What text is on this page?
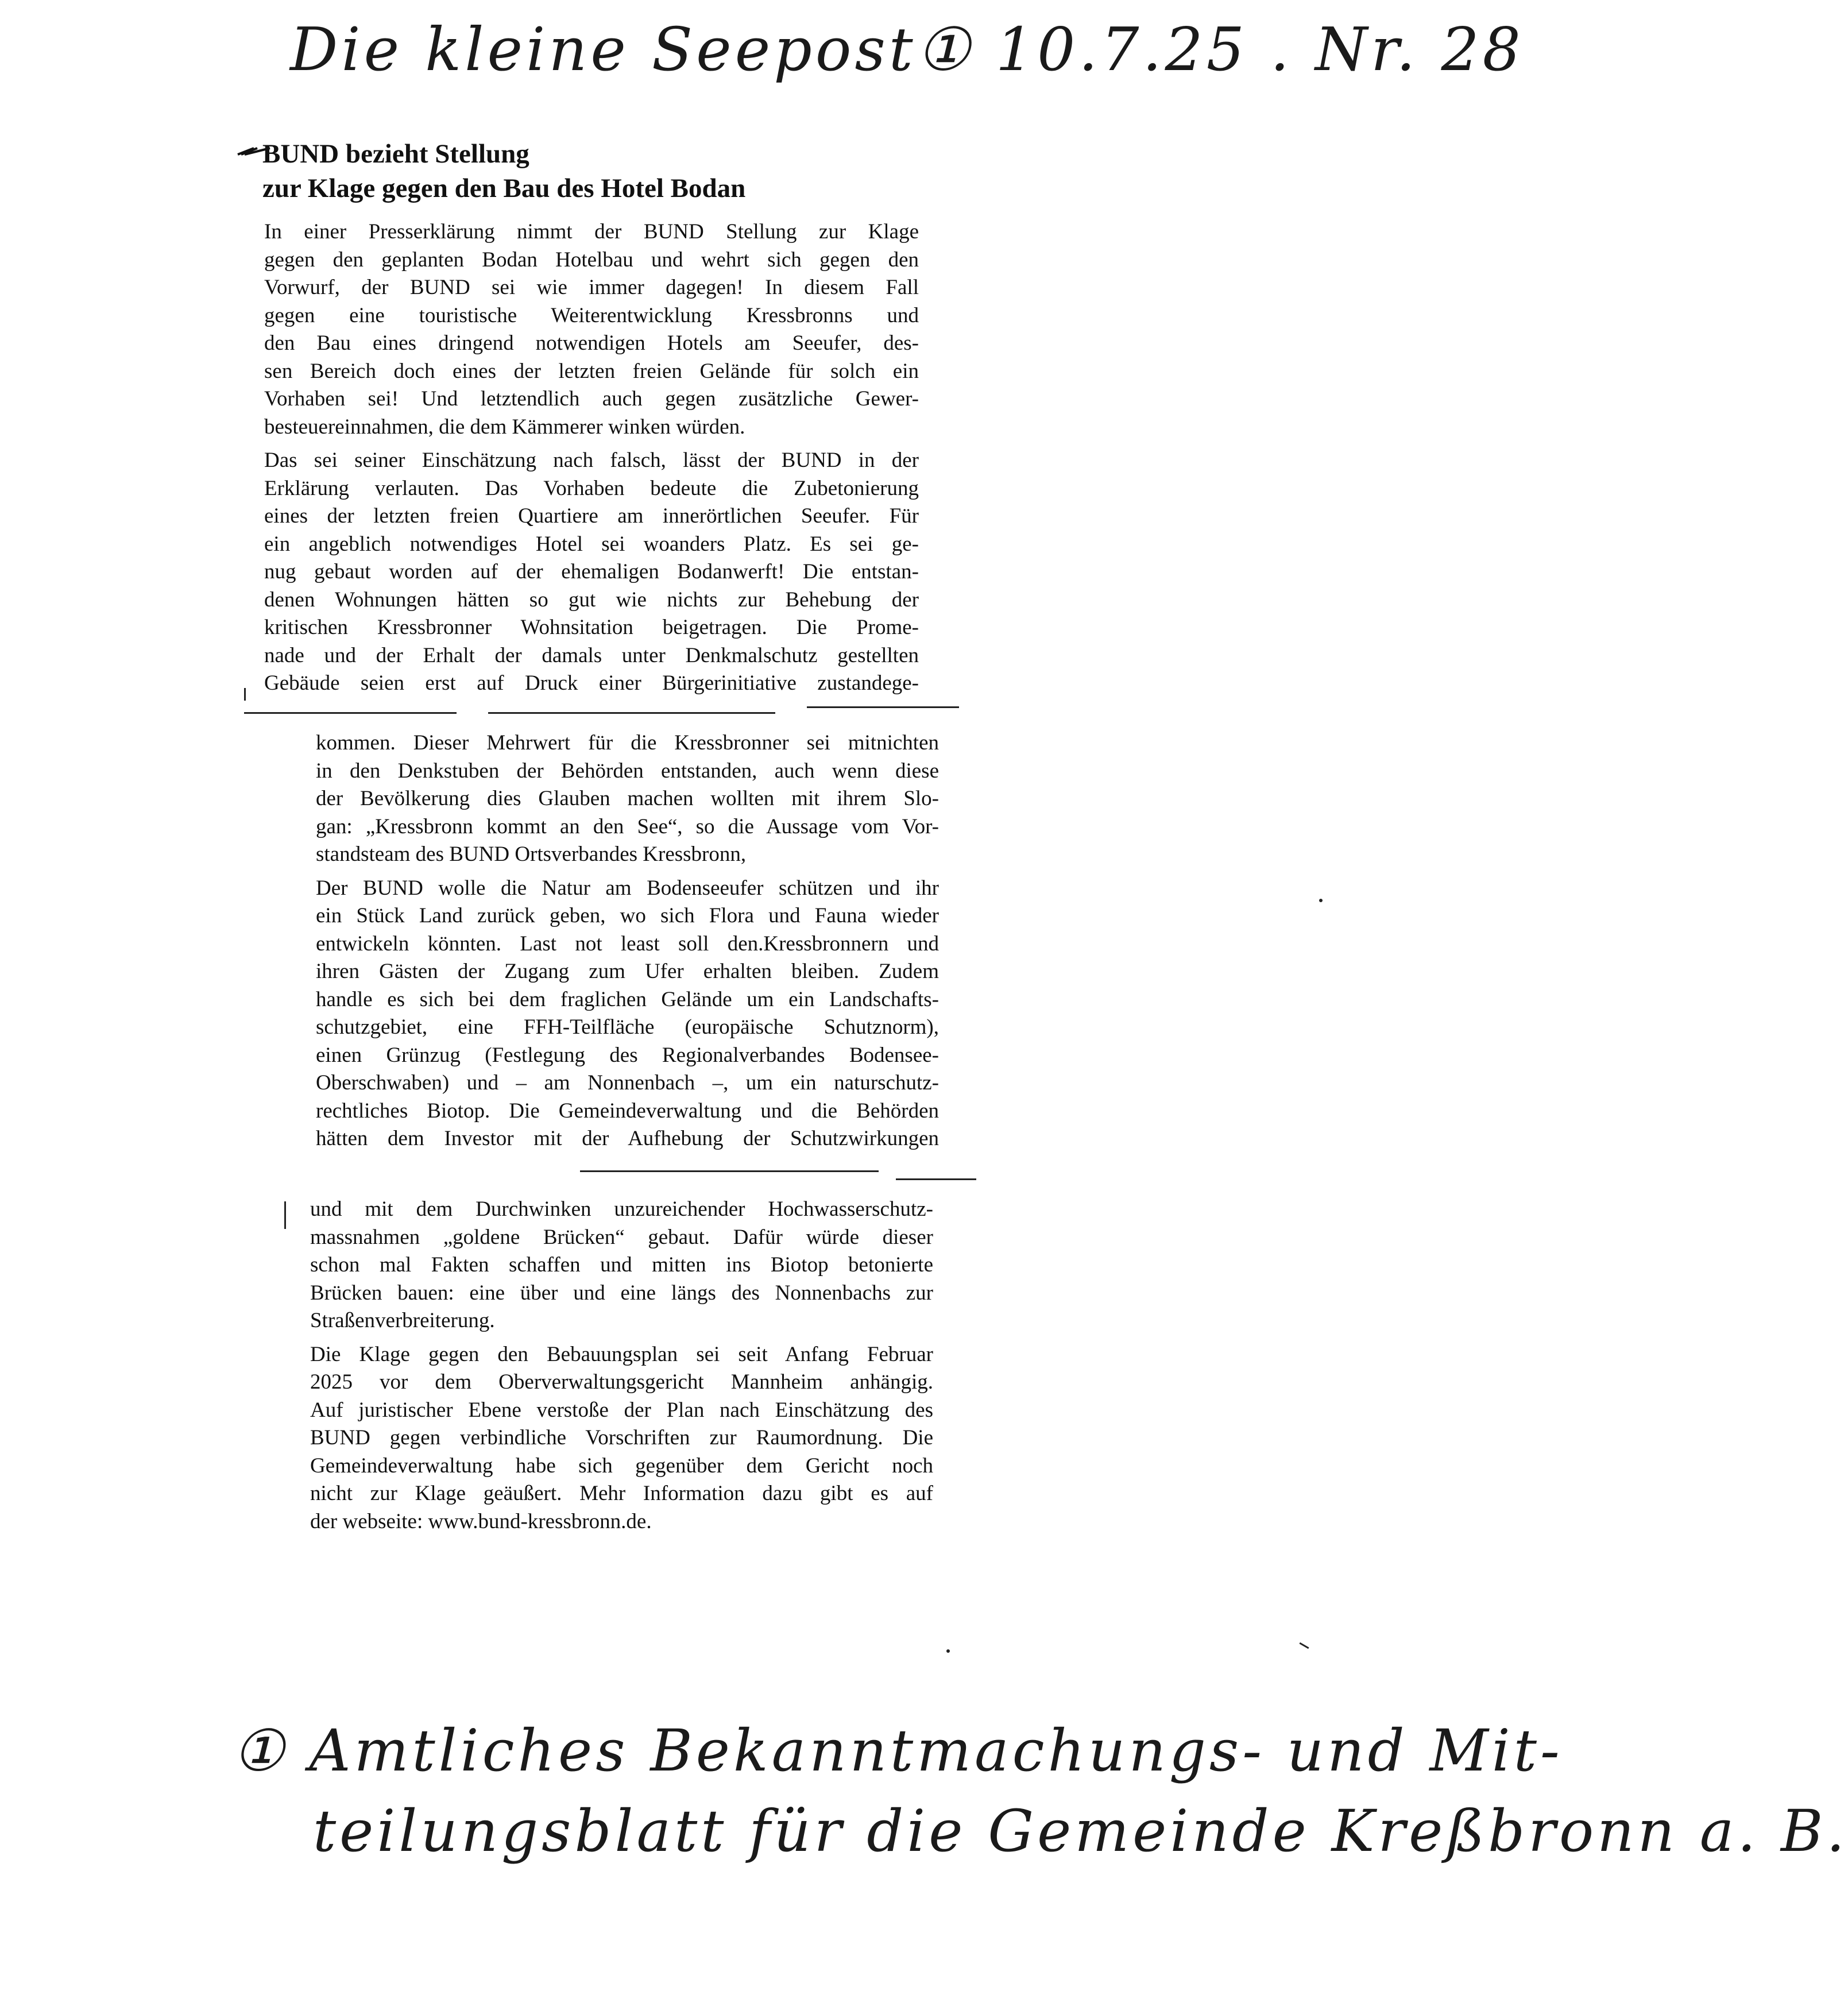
Die kleine Seepost① 10.7.25 . Nr. 28
BUND bezieht Stellung
zur Klage gegen den Bau des Hotel Bodan

In einer Presserklärung nimmt der BUND Stellung zur Klage
gegen den geplanten Bodan Hotelbau und wehrt sich gegen den
Vorwurf, der BUND sei wie immer dagegen! In diesem Fall
gegen eine touristische Weiterentwicklung Kressbronns und
den Bau eines dringend notwendigen Hotels am Seeufer, des-
sen Bereich doch eines der letzten freien Gelände für solch ein
Vorhaben sei! Und letztendlich auch gegen zusätzliche Gewer-
besteuereinnahmen, die dem Kämmerer winken würden.

Das sei seiner Einschätzung nach falsch, lässt der BUND in der
Erklärung verlauten. Das Vorhaben bedeute die Zubetonierung
eines der letzten freien Quartiere am innerörtlichen Seeufer. Für
ein angeblich notwendiges Hotel sei woanders Platz. Es sei ge-
nug gebaut worden auf der ehemaligen Bodanwerft! Die entstan-
denen Wohnungen hätten so gut wie nichts zur Behebung der
kritischen Kressbronner Wohnsitation beigetragen. Die Prome-
nade und der Erhalt der damals unter Denkmalschutz gestellten
Gebäude seien erst auf Druck einer Bürgerinitiative zustandege-

kommen. Dieser Mehrwert für die Kressbronner sei mitnichten
in den Denkstuben der Behörden entstanden, auch wenn diese
der Bevölkerung dies Glauben machen wollten mit ihrem Slo-
gan: „Kressbronn kommt an den See“, so die Aussage vom Vor-
standsteam des BUND Ortsverbandes Kressbronn,

Der BUND wolle die Natur am Bodenseeufer schützen und ihr
ein Stück Land zurück geben, wo sich Flora und Fauna wieder
entwickeln könnten. Last not least soll den.Kressbronnern und
ihren Gästen der Zugang zum Ufer erhalten bleiben. Zudem
handle es sich bei dem fraglichen Gelände um ein Landschafts-
schutzgebiet, eine FFH-Teilfläche (europäische Schutznorm),
einen Grünzug (Festlegung des Regionalverbandes Bodensee-
Oberschwaben) und – am Nonnenbach –, um ein naturschutz-
rechtliches Biotop. Die Gemeindeverwaltung und die Behörden
hätten dem Investor mit der Aufhebung der Schutzwirkungen

und mit dem Durchwinken unzureichender Hochwasserschutz-
massnahmen „goldene Brücken“ gebaut. Dafür würde dieser
schon mal Fakten schaffen und mitten ins Biotop betonierte
Brücken bauen: eine über und eine längs des Nonnenbachs zur
Straßenverbreiterung.

Die Klage gegen den Bebauungsplan sei seit Anfang Februar
2025 vor dem Oberverwaltungsgericht Mannheim anhängig.
Auf juristischer Ebene verstoße der Plan nach Einschätzung des
BUND gegen verbindliche Vorschriften zur Raumordnung. Die
Gemeindeverwaltung habe sich gegenüber dem Gericht noch
nicht zur Klage geäußert. Mehr Information dazu gibt es auf
der webseite: www.bund-kressbronn.de.

① Amtliches Bekanntmachungs- und Mit-
teilungsblatt für die Gemeinde Kreßbronn a. B.
